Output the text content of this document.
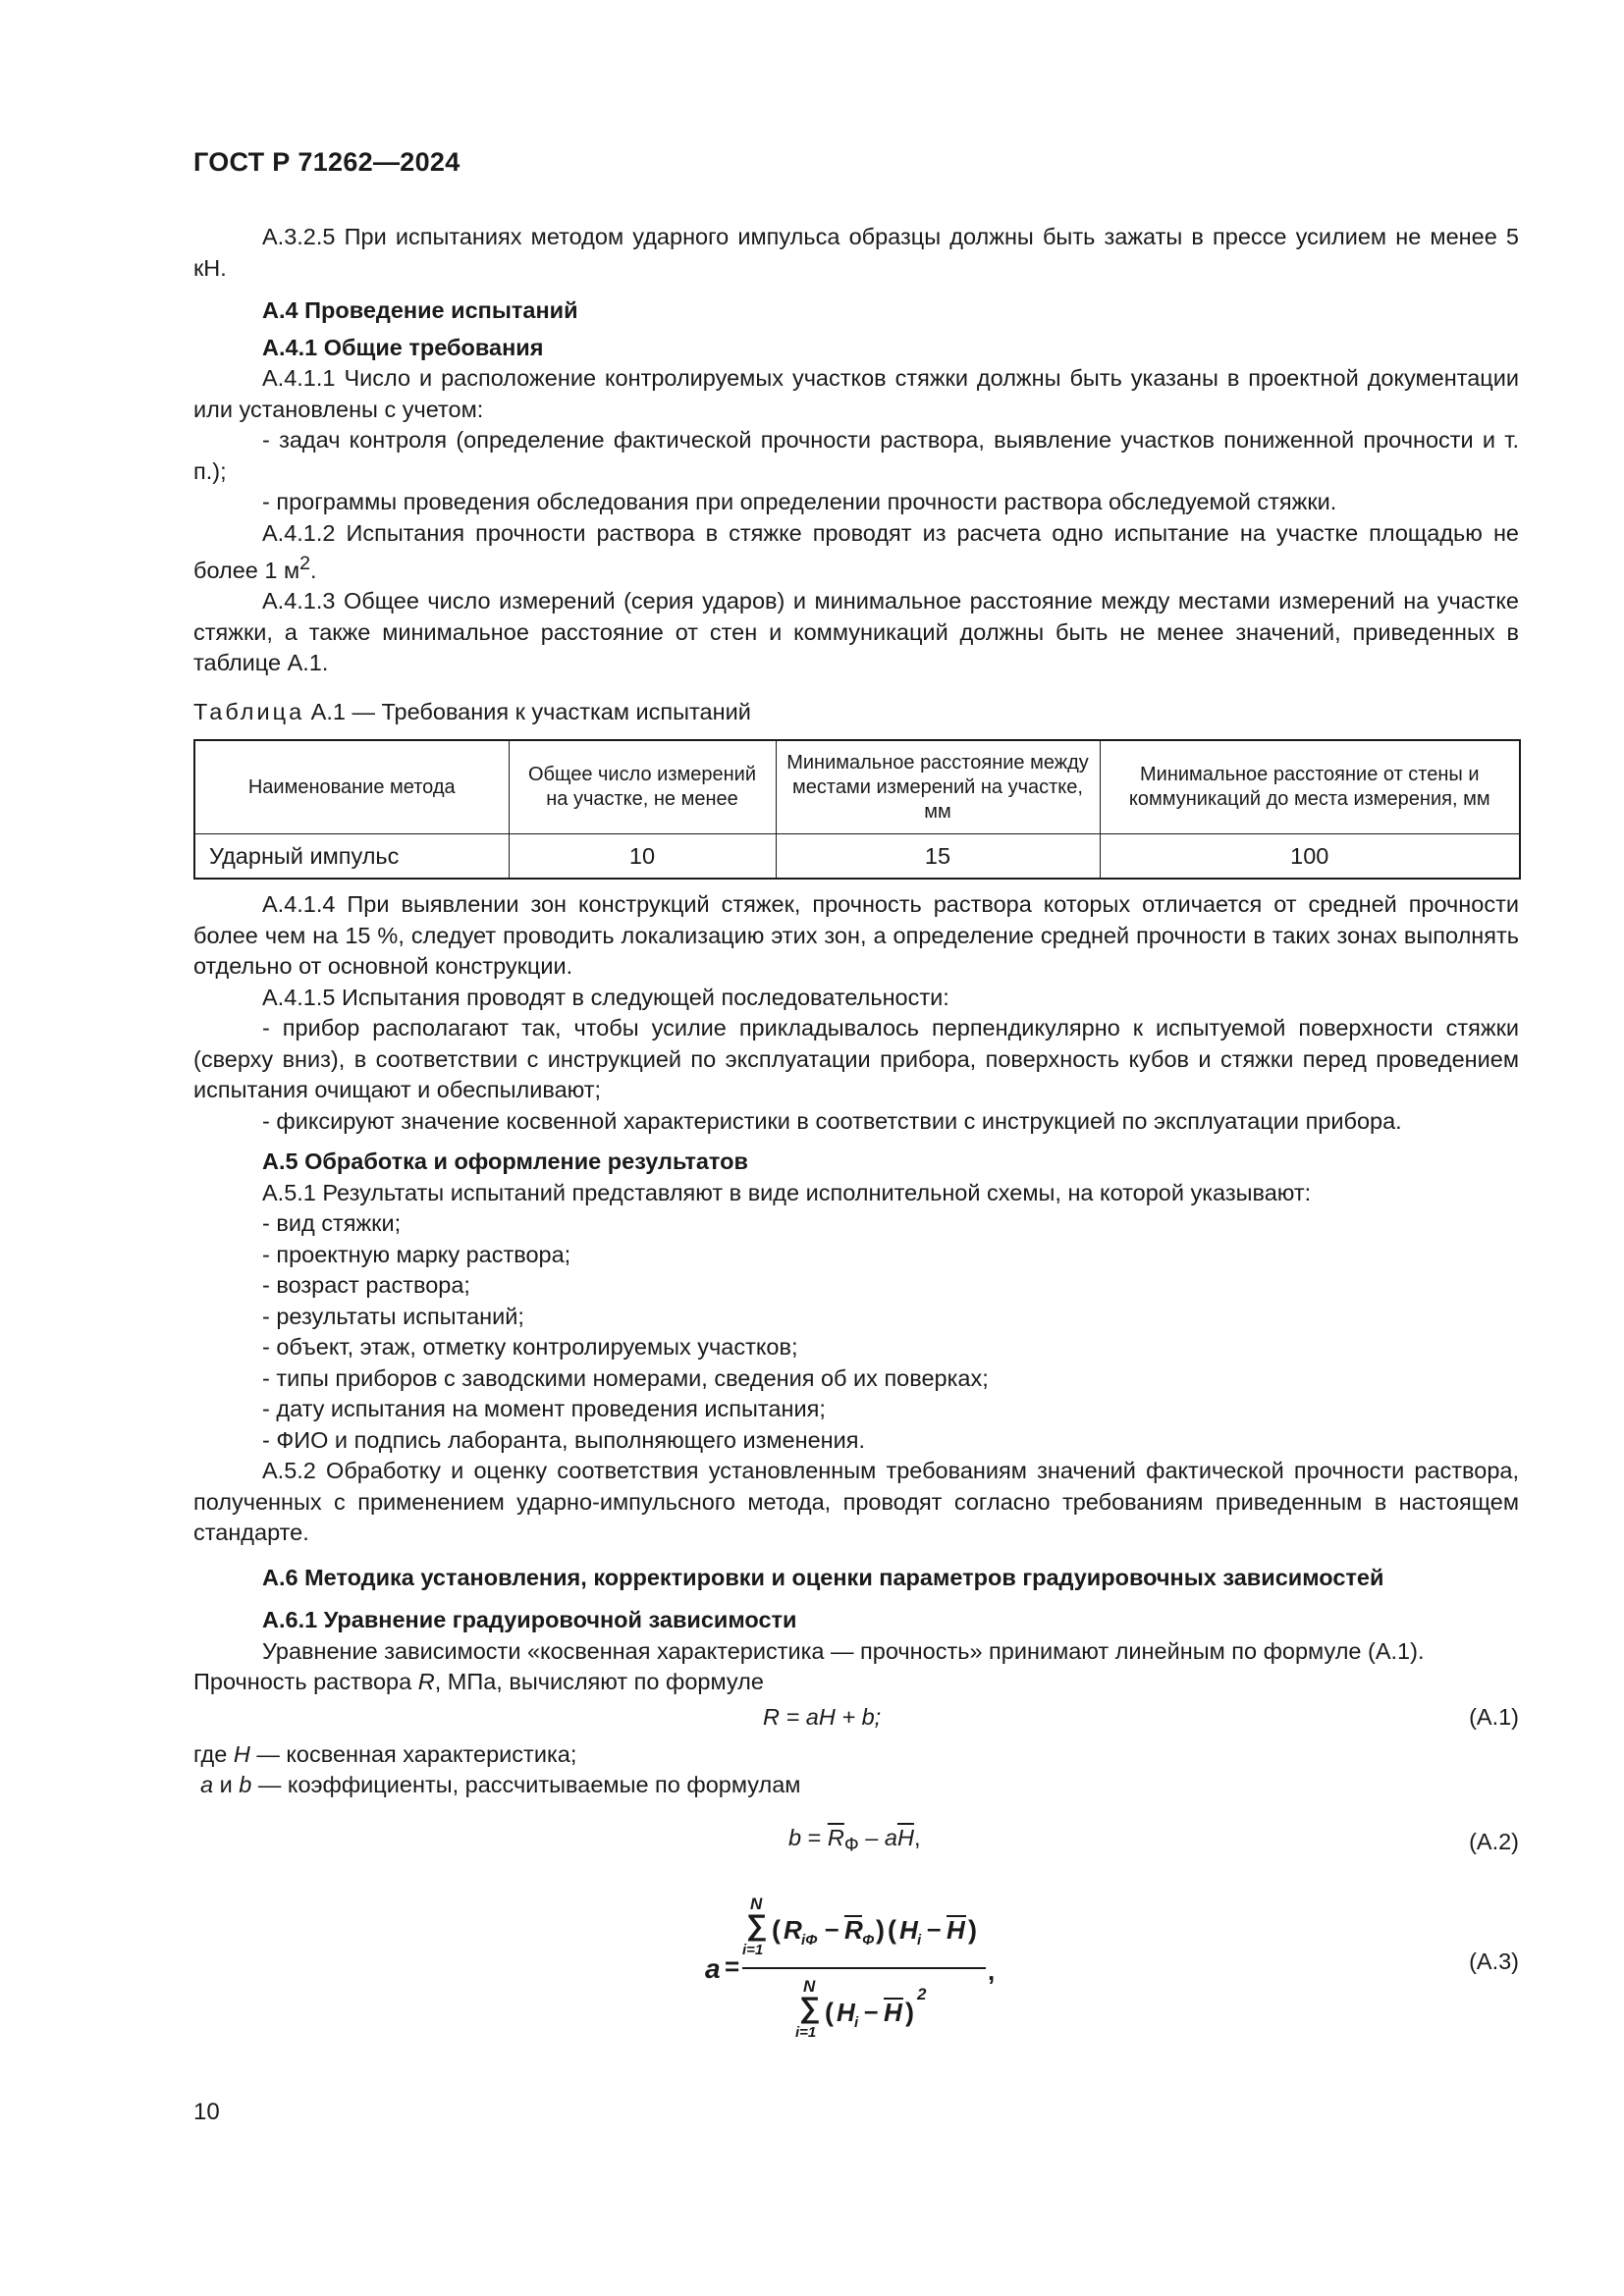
ГОСТ Р 71262—2024

А.3.2.5 При испытаниях методом ударного импульса образцы должны быть зажаты в прессе усилием не менее 5 кН.

А.4 Проведение испытаний

А.4.1 Общие требования

А.4.1.1 Число и расположение контролируемых участков стяжки должны быть указаны в проектной документации или установлены с учетом:

- задач контроля (определение фактической прочности раствора, выявление участков пониженной прочности и т. п.);

- программы проведения обследования при определении прочности раствора обследуемой стяжки.

А.4.1.2 Испытания прочности раствора в стяжке проводят из расчета одно испытание на участке площадью не более 1 $м^2$.

А.4.1.3 Общее число измерений (серия ударов) и минимальное расстояние между местами измерений на участке стяжки, а также минимальное расстояние от стен и коммуникаций должны быть не менее значений, приведенных в таблице А.1.

Таблица А.1 — Требования к участкам испытаний

Наименование метода	Общее число измерений на участке, не менее	Минимальное расстояние между местами измерений на участке, мм	Минимальное расстояние от стены и коммуникаций до места измерения, мм
Ударный импульс	10	15	100

А.4.1.4 При выявлении зон конструкций стяжек, прочность раствора которых отличается от средней прочности более чем на 15 %, следует проводить локализацию этих зон, а определение средней прочности в таких зонах выполнять отдельно от основной конструкции.

А.4.1.5 Испытания проводят в следующей последовательности:

- прибор располагают так, чтобы усилие прикладывалось перпендикулярно к испытуемой поверхности стяжки (сверху вниз), в соответствии с инструкцией по эксплуатации прибора, поверхность кубов и стяжки перед проведением испытания очищают и обеспыливают;

- фиксируют значение косвенной характеристики в соответствии с инструкцией по эксплуатации прибора.

А.5 Обработка и оформление результатов

А.5.1 Результаты испытаний представляют в виде исполнительной схемы, на которой указывают:

- вид стяжки;

- проектную марку раствора;

- возраст раствора;

- результаты испытаний;

- объект, этаж, отметку контролируемых участков;

- типы приборов с заводскими номерами, сведения об их поверках;

- дату испытания на момент проведения испытания;

- ФИО и подпись лаборанта, выполняющего изменения.

А.5.2 Обработку и оценку соответствия установленным требованиям значений фактической прочности раствора, полученных с применением ударно-импульсного метода, проводят согласно требованиям приведенным в настоящем стандарте.

А.6 Методика установления, корректировки и оценки параметров градуировочных зависимостей

А.6.1 Уравнение градуировочной зависимости

Уравнение зависимости «косвенная характеристика — прочность» принимают линейным по формуле (А.1).

Прочность раствора R, МПа, вычисляют по формуле

R = aH + b;	(А.1)

где H — косвенная характеристика;

a и b — коэффициенты, рассчитываемые по формулам

$b = \overline{R}_Ф - a\overline{H}$,	(А.2)
a =
N
∑
i=1
( R iΦ – R Φ ) ( H i – H )
,
N
∑
i=1
( H i – H )
2
(А.3)
10
